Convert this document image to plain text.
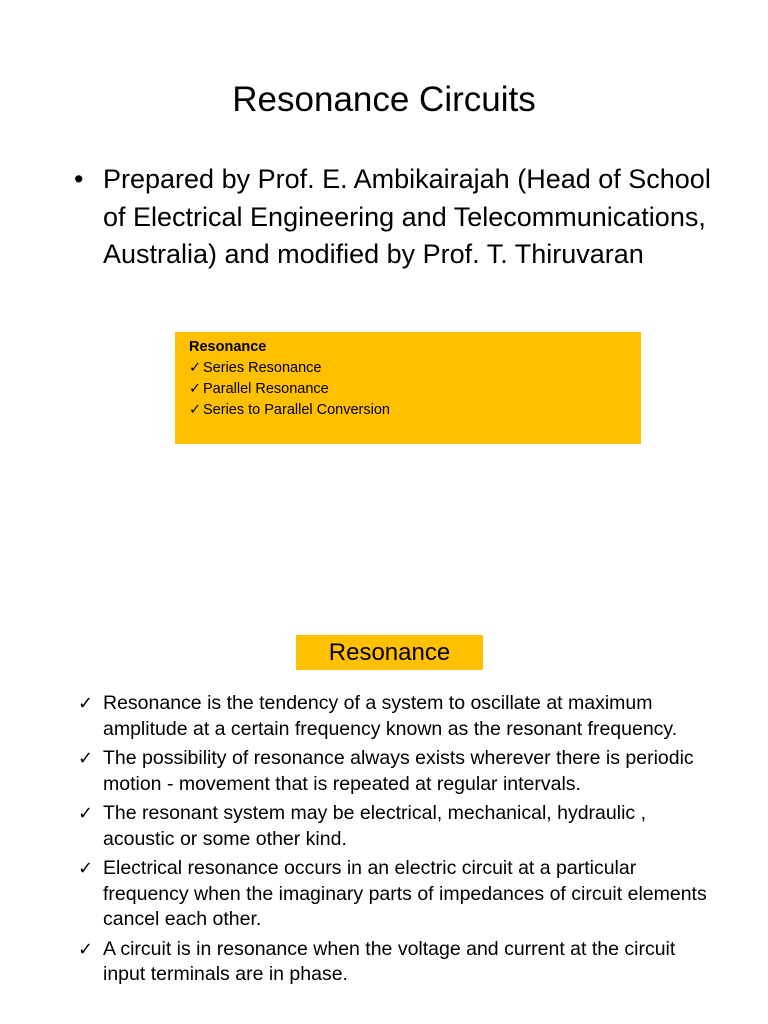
Resonance Circuits
• Prepared by Prof. E. Ambikairajah (Head of School of Electrical Engineering and Telecommunications, Australia) and modified by Prof. T. Thiruvaran
Resonance
✓ Series Resonance
✓ Parallel Resonance
✓ Series to Parallel Conversion
Resonance
✓ Resonance is the tendency of a system to oscillate at maximum amplitude at a certain frequency known as the resonant frequency.
✓ The possibility of resonance always exists wherever there is periodic motion - movement that is repeated at regular intervals.
✓ The resonant system may be electrical, mechanical, hydraulic , acoustic or some other kind.
✓ Electrical resonance occurs in an electric circuit at a particular frequency when the imaginary parts of impedances of circuit elements cancel each other.
✓ A circuit is in resonance when the voltage and current at the circuit input terminals are in phase.
